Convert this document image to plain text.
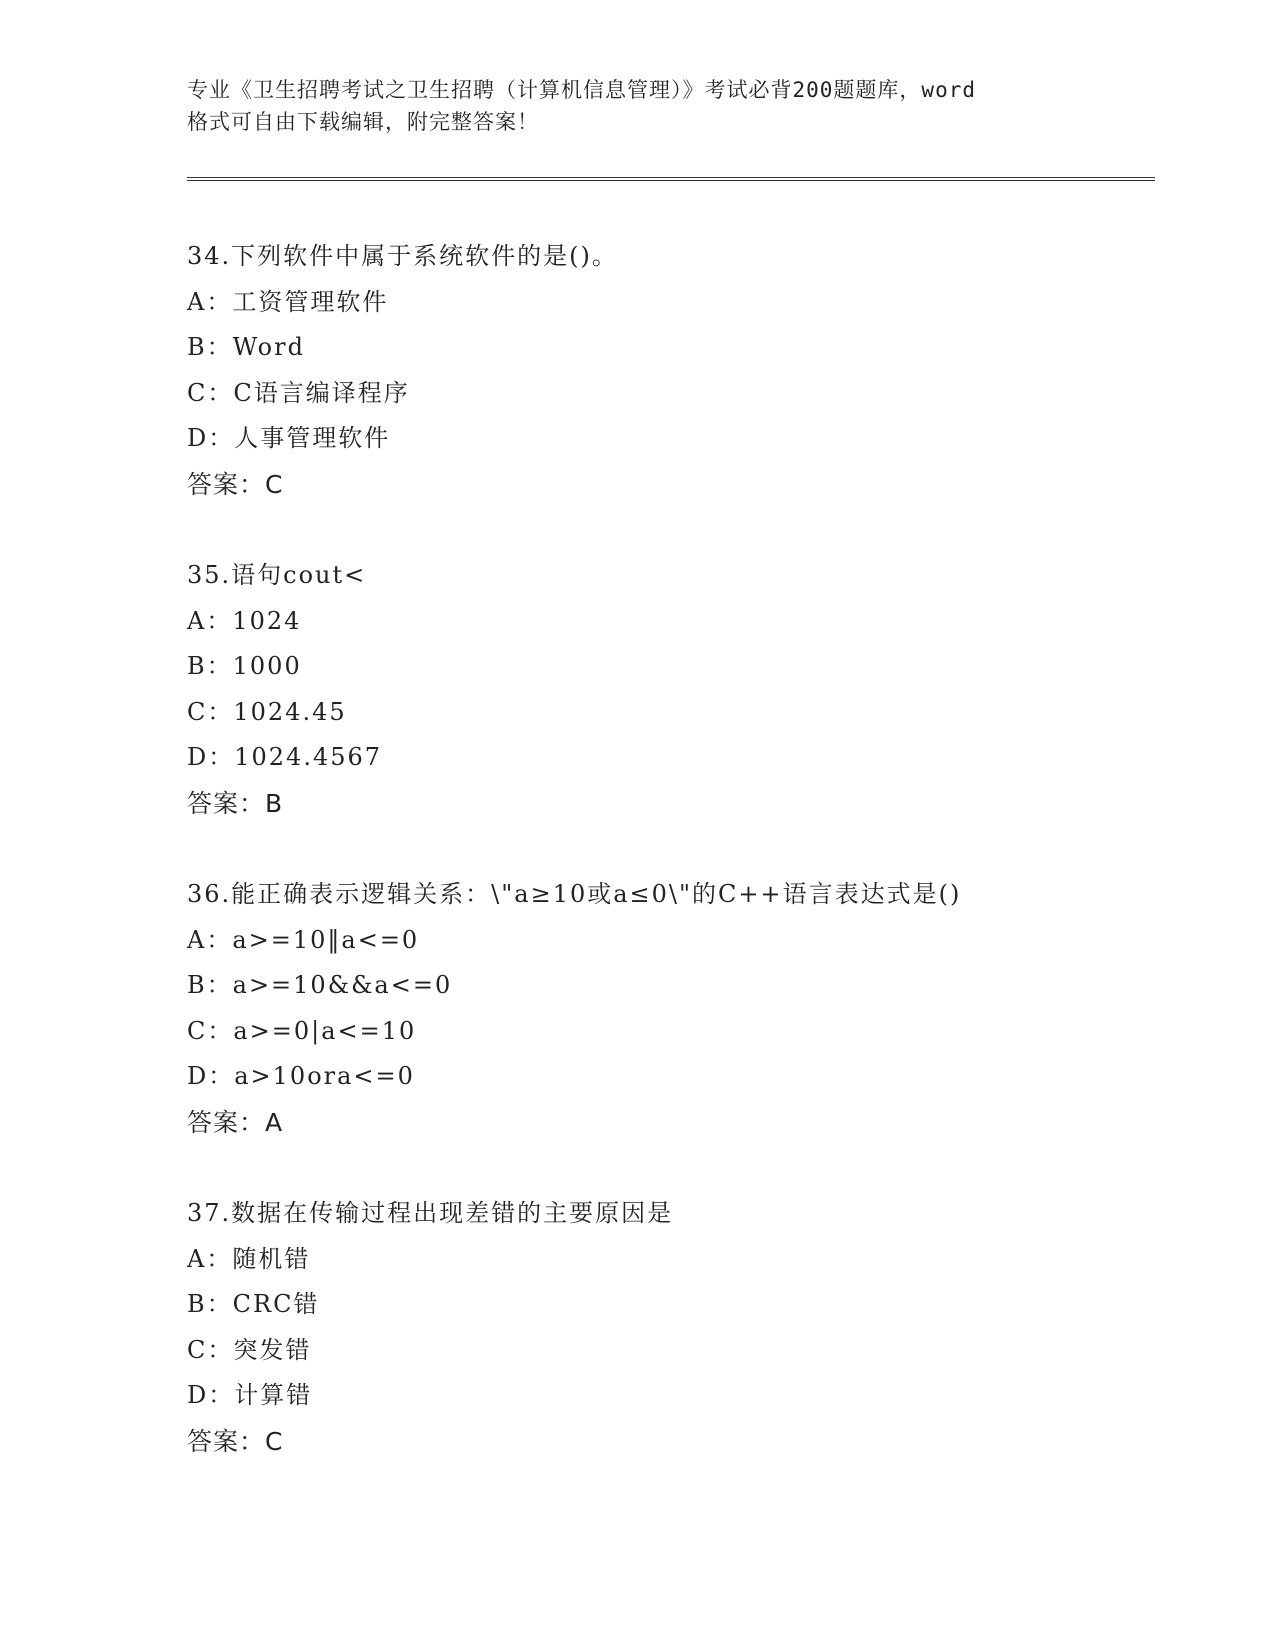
专业《卫生招聘考试之卫生招聘（计算机信息管理）》考试必背200题题库，word
格式可自由下载编辑，附完整答案！
34.下列软件中属于系统软件的是()。
A：工资管理软件
B：Word
C：C语言编译程序
D：人事管理软件
答案：C
35.语句cout<
A：1024
B：1000
C：1024.45
D：1024.4567
答案：B
36.能正确表示逻辑关系：\"a≥10或a≤0\"的C++语言表达式是()
A：a>=10‖a<=0
B：a>=10&&a<=0
C：a>=0|a<=10
D：a>10ora<=0
答案：A
37.数据在传输过程出现差错的主要原因是
A：随机错
B：CRC错
C：突发错
D：计算错
答案：C
